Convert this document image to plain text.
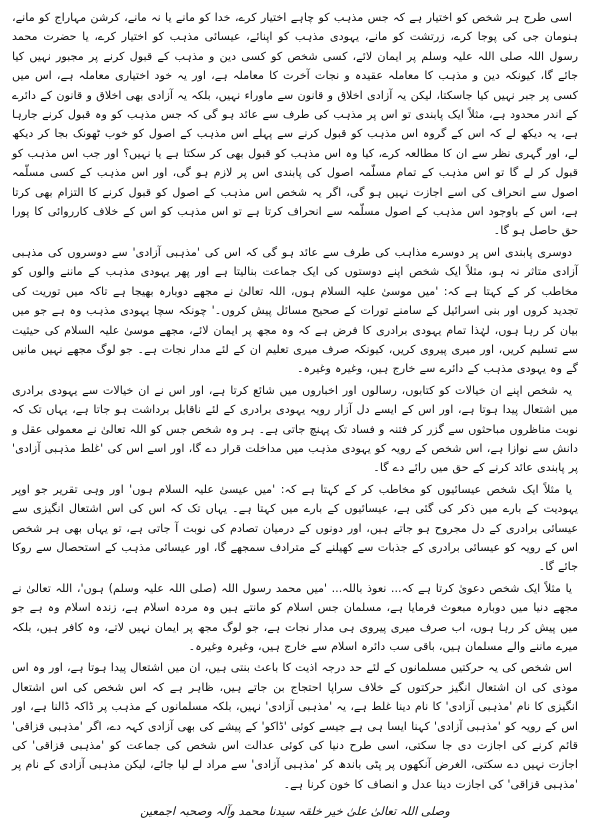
اسی طرح ہر شخص کو اختیار ہے کہ جس مذہب کو چاہے اختیار کرے، خدا کو مانے یا نہ مانے، کرشن مہاراج کو مانے، ہنومان جی کی پوجا کرے، زرتشت کو مانے، یہودی مذہب کو اپنائے، عیسائی مذہب کو اختیار کرے، یا حضرت محمد رسول اللہ صلی اللہ علیہ وسلم پر ایمان لائے، کسی شخص کو کسی دین و مذہب کے قبول کرنے پر مجبور نہیں کیا جائے گا، کیونکہ دین و مذہب کا معاملہ عقیدہ و نجات آخرت کا معاملہ ہے، اور یہ خود اختیاری معاملہ ہے، اس میں کسی پر جبر نہیں کیا جاسکتا، لیکن یہ آزادی اخلاق و قانون سے ماوراء نہیں، بلکہ یہ آزادی بھی اخلاق و قانون کے دائرے کے اندر محدود ہے، مثلاً ایک پابندی تو اس پر مذہب کی طرف سے عائد ہو گی کہ جس مذہب کو وہ قبول کرنے جارہا ہے، یہ دیکھ لے کہ اس کے گروہ اس مذہب کو قبول کرنے سے پہلے اس مذہب کے اصول کو خوب ٹھونک بجا کر دیکھ لے، اور گہری نظر سے ان کا مطالعہ کرے، کیا وہ اس مذہب کو قبول بھی کر سکتا ہے یا نہیں؟ اور جب اس مذہب کو قبول کر لے گا تو اس مذہب کے تمام مسلّمہ اصول کی پابندی اس پر لازم ہو گی، اور اس مذہب کے کسی مسلّمہ اصول سے انحراف کی اسے اجازت نہیں ہو گی، اگر یہ شخص اس مذہب کے اصول کو قبول کرنے کا التزام بھی کرتا ہے، اس کے باوجود اس مذہب کے اصول مسلّمہ سے انحراف کرتا ہے تو اس مذہب کو اس کے خلاف کارروائی کا پورا حق حاصل ہو گا۔

دوسری پابندی اس پر دوسرے مذاہب کی طرف سے عائد ہو گی کہ اس کی 'مذہبی آزادی' سے دوسروں کی مذہبی آزادی متاثر نہ ہو، مثلاً ایک شخص اپنے دوستوں کی ایک جماعت بنالیتا ہے اور پھر یہودی مذہب کے ماننے والوں کو مخاطب کر کے کہتا ہے کہ: 'میں موسیٰ علیہ السلام ہوں، اللہ تعالیٰ نے مجھے دوبارہ بھیجا ہے تاکہ میں توریت کی تجدید کروں اور بنی اسرائیل کے سامنے تورات کے صحیح مسائل پیش کروں۔' چونکہ سچا یہودی مذہب وہ ہے جو میں بیان کر رہا ہوں، لہٰذا تمام یہودی برادری کا فرض ہے کہ وہ مجھ پر ایمان لائے، مجھے موسیٰ علیہ السلام کی حیثیت سے تسلیم کریں، اور میری پیروی کریں، کیونکہ صرف میری تعلیم ان کے لئے مدار نجات ہے۔ جو لوگ مجھے نہیں مانیں گے وہ یہودی مذہب کے دائرے سے خارج ہیں، وغیرہ وغیرہ۔

یہ شخص اپنے ان خیالات کو کتابوں، رسالوں اور اخباروں میں شائع کرتا ہے، اور اس نے ان خیالات سے یہودی برادری میں اشتعال پیدا ہوتا ہے، اور اس کے ایسے دل آزار رویہ یہودی برادری کے لئے ناقابل برداشت ہو جاتا ہے، یہاں تک کہ نوبت مناظروں مباحثوں سے گزر کر فتنہ و فساد تک پہنچ جاتی ہے۔ ہر وہ شخص جس کو اللہ تعالیٰ نے معمولی عقل و دانش سے نوازا ہے، اس شخص کے رویہ کو یہودی مذہب میں مداخلت قرار دے گا، اور اسے اس کی 'غلط مذہبی آزادی' پر پابندی عائد کرنے کے حق میں رائے دے گا۔

یا مثلاً ایک شخص عیسائیوں کو مخاطب کر کے کہتا ہے کہ: 'میں عیسیٰ علیہ السلام ہوں' اور وہی تقریر جو اوپر یہودیت کے بارے میں ذکر کی گئی ہے، عیسائیوں کے بارے میں کہتا ہے۔ یہاں تک کہ اس کی اس اشتعال انگیزی سے عیسائی برادری کے دل مجروح ہو جاتے ہیں، اور دونوں کے درمیان تصادم کی نوبت آ جاتی ہے، تو یہاں بھی ہر شخص اس کے رویہ کو عیسائی برادری کے جذبات سے کھیلنے کے مترادف سمجھے گا، اور عیسائی مذہب کے استحصال سے روکا جائے گا۔

یا مثلاً ایک شخص دعویٰ کرتا ہے کہ... نعوذ باللہ... 'میں محمد رسول اللہ (صلی اللہ علیہ وسلم) ہوں'، اللہ تعالیٰ نے مجھے دنیا میں دوبارہ مبعوث فرمایا ہے، مسلمان جس اسلام کو مانتے ہیں وہ مردہ اسلام ہے، زندہ اسلام وہ ہے جو میں پیش کر رہا ہوں، اب صرف میری پیروی ہی مدار نجات ہے، جو لوگ مجھ پر ایمان نہیں لاتے، وہ کافر ہیں، بلکہ میرے ماننے والے مسلمان ہیں، باقی سب دائرہ اسلام سے خارج ہیں، وغیرہ وغیرہ۔

اس شخص کی یہ حرکتیں مسلمانوں کے لئے حد درجہ اذیت کا باعث بنتی ہیں، ان میں اشتعال پیدا ہوتا ہے، اور وہ اس موذی کی ان اشتعال انگیز حرکتوں کے خلاف سراپا احتجاج بن جاتے ہیں، ظاہر ہے کہ اس شخص کی اس اشتعال انگیزی کا نام 'مذہبی آزادی' کا نام دینا غلط ہے، یہ 'مذہبی آزادی' نہیں، بلکہ مسلمانوں کے مذہب پر ڈاکہ ڈالنا ہے، اور اس کے رویہ کو 'مذہبی آزادی' کہنا ایسا ہی ہے جیسے کوئی 'ڈاکو' کے پیشے کی بھی آزادی کہہ دے، اگر 'مذہبی قزاقی' قائم کرنے کی اجازت دی جا سکتی، اسی طرح دنیا کی کوئی عدالت اس شخص کی جماعت کو 'مذہبی قزاقی' کی اجازت نہیں دے سکتی، الغرض آنکھوں پر پٹی باندھ کر 'مذہبی آزادی' سے مراد لے لیا جائے، لیکن مذہبی آزادی کے نام پر 'مذہبی قزاقی' کی اجازت دینا عدل و انصاف کا خون کرنا ہے۔

وصلی اللہ تعالیٰ علیٰ خیر خلقہ سیدنا محمد وآلہ وصحبہ اجمعین
